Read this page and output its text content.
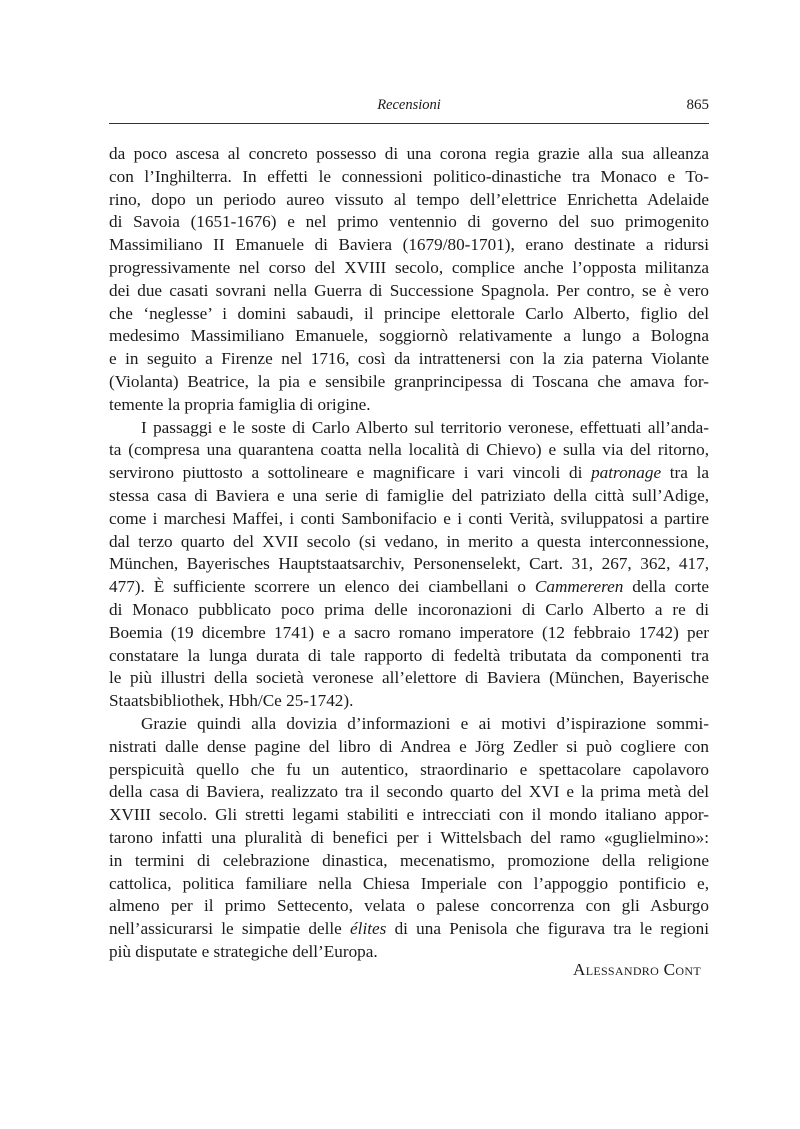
Recensioni	865
da poco ascesa al concreto possesso di una corona regia grazie alla sua alleanza
con l’Inghilterra. In effetti le connessioni politico-dinastiche tra Monaco e To-
rino, dopo un periodo aureo vissuto al tempo dell’elettrice Enrichetta Adelaide
di Savoia (1651-1676) e nel primo ventennio di governo del suo primogenito
Massimiliano II Emanuele di Baviera (1679/80-1701), erano destinate a ridursi
progressivamente nel corso del XVIII secolo, complice anche l’opposta militanza
dei due casati sovrani nella Guerra di Successione Spagnola. Per contro, se è vero
che ‘neglesse’ i domini sabaudi, il principe elettorale Carlo Alberto, figlio del
medesimo Massimiliano Emanuele, soggiornò relativamente a lungo a Bologna
e in seguito a Firenze nel 1716, così da intrattenersi con la zia paterna Violante
(Violanta) Beatrice, la pia e sensibile granprincipessa di Toscana che amava for-
temente la propria famiglia di origine.
I passaggi e le soste di Carlo Alberto sul territorio veronese, effettuati all’anda-
ta (compresa una quarantena coatta nella località di Chievo) e sulla via del ritorno,
servirono piuttosto a sottolineare e magnificare i vari vincoli di patronage tra la
stessa casa di Baviera e una serie di famiglie del patriziato della città sull’Adige,
come i marchesi Maffei, i conti Sambonifacio e i conti Verità, sviluppatosi a partire
dal terzo quarto del XVII secolo (si vedano, in merito a questa interconnessione,
München, Bayerisches Hauptstaatsarchiv, Personenselekt, Cart. 31, 267, 362, 417,
477). È sufficiente scorrere un elenco dei ciambellani o Cammereren della corte
di Monaco pubblicato poco prima delle incoronazioni di Carlo Alberto a re di
Boemia (19 dicembre 1741) e a sacro romano imperatore (12 febbraio 1742) per
constatare la lunga durata di tale rapporto di fedeltà tributata da componenti tra
le più illustri della società veronese all’elettore di Baviera (München, Bayerische
Staatsbibliothek, Hbh/Ce 25-1742).
Grazie quindi alla dovizia d’informazioni e ai motivi d’ispirazione sommi-
nistrati dalle dense pagine del libro di Andrea e Jörg Zedler si può cogliere con
perspicuità quello che fu un autentico, straordinario e spettacolare capolavoro
della casa di Baviera, realizzato tra il secondo quarto del XVI e la prima metà del
XVIII secolo. Gli stretti legami stabiliti e intrecciati con il mondo italiano appor-
tarono infatti una pluralità di benefici per i Wittelsbach del ramo «guglielmino»:
in termini di celebrazione dinastica, mecenatismo, promozione della religione
cattolica, politica familiare nella Chiesa Imperiale con l’appoggio pontificio e,
almeno per il primo Settecento, velata o palese concorrenza con gli Asburgo
nell’assicurarsi le simpatie delle élites di una Penisola che figurava tra le regioni
più disputate e strategiche dell’Europa.
Alessandro Cont
